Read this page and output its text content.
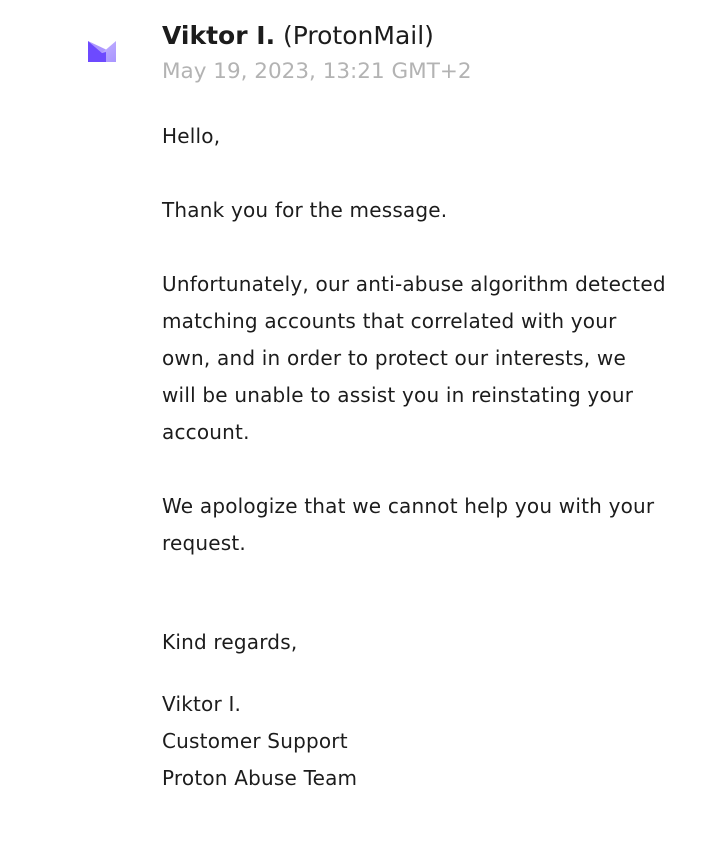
Viktor I. (ProtonMail)
May 19, 2023, 13:21 GMT+2
Hello,
Thank you for the message.
Unfortunately, our anti-abuse algorithm detected
matching accounts that correlated with your
own, and in order to protect our interests, we
will be unable to assist you in reinstating your
account.
We apologize that we cannot help you with your
request.
Kind regards,
Viktor I.
Customer Support
Proton Abuse Team
